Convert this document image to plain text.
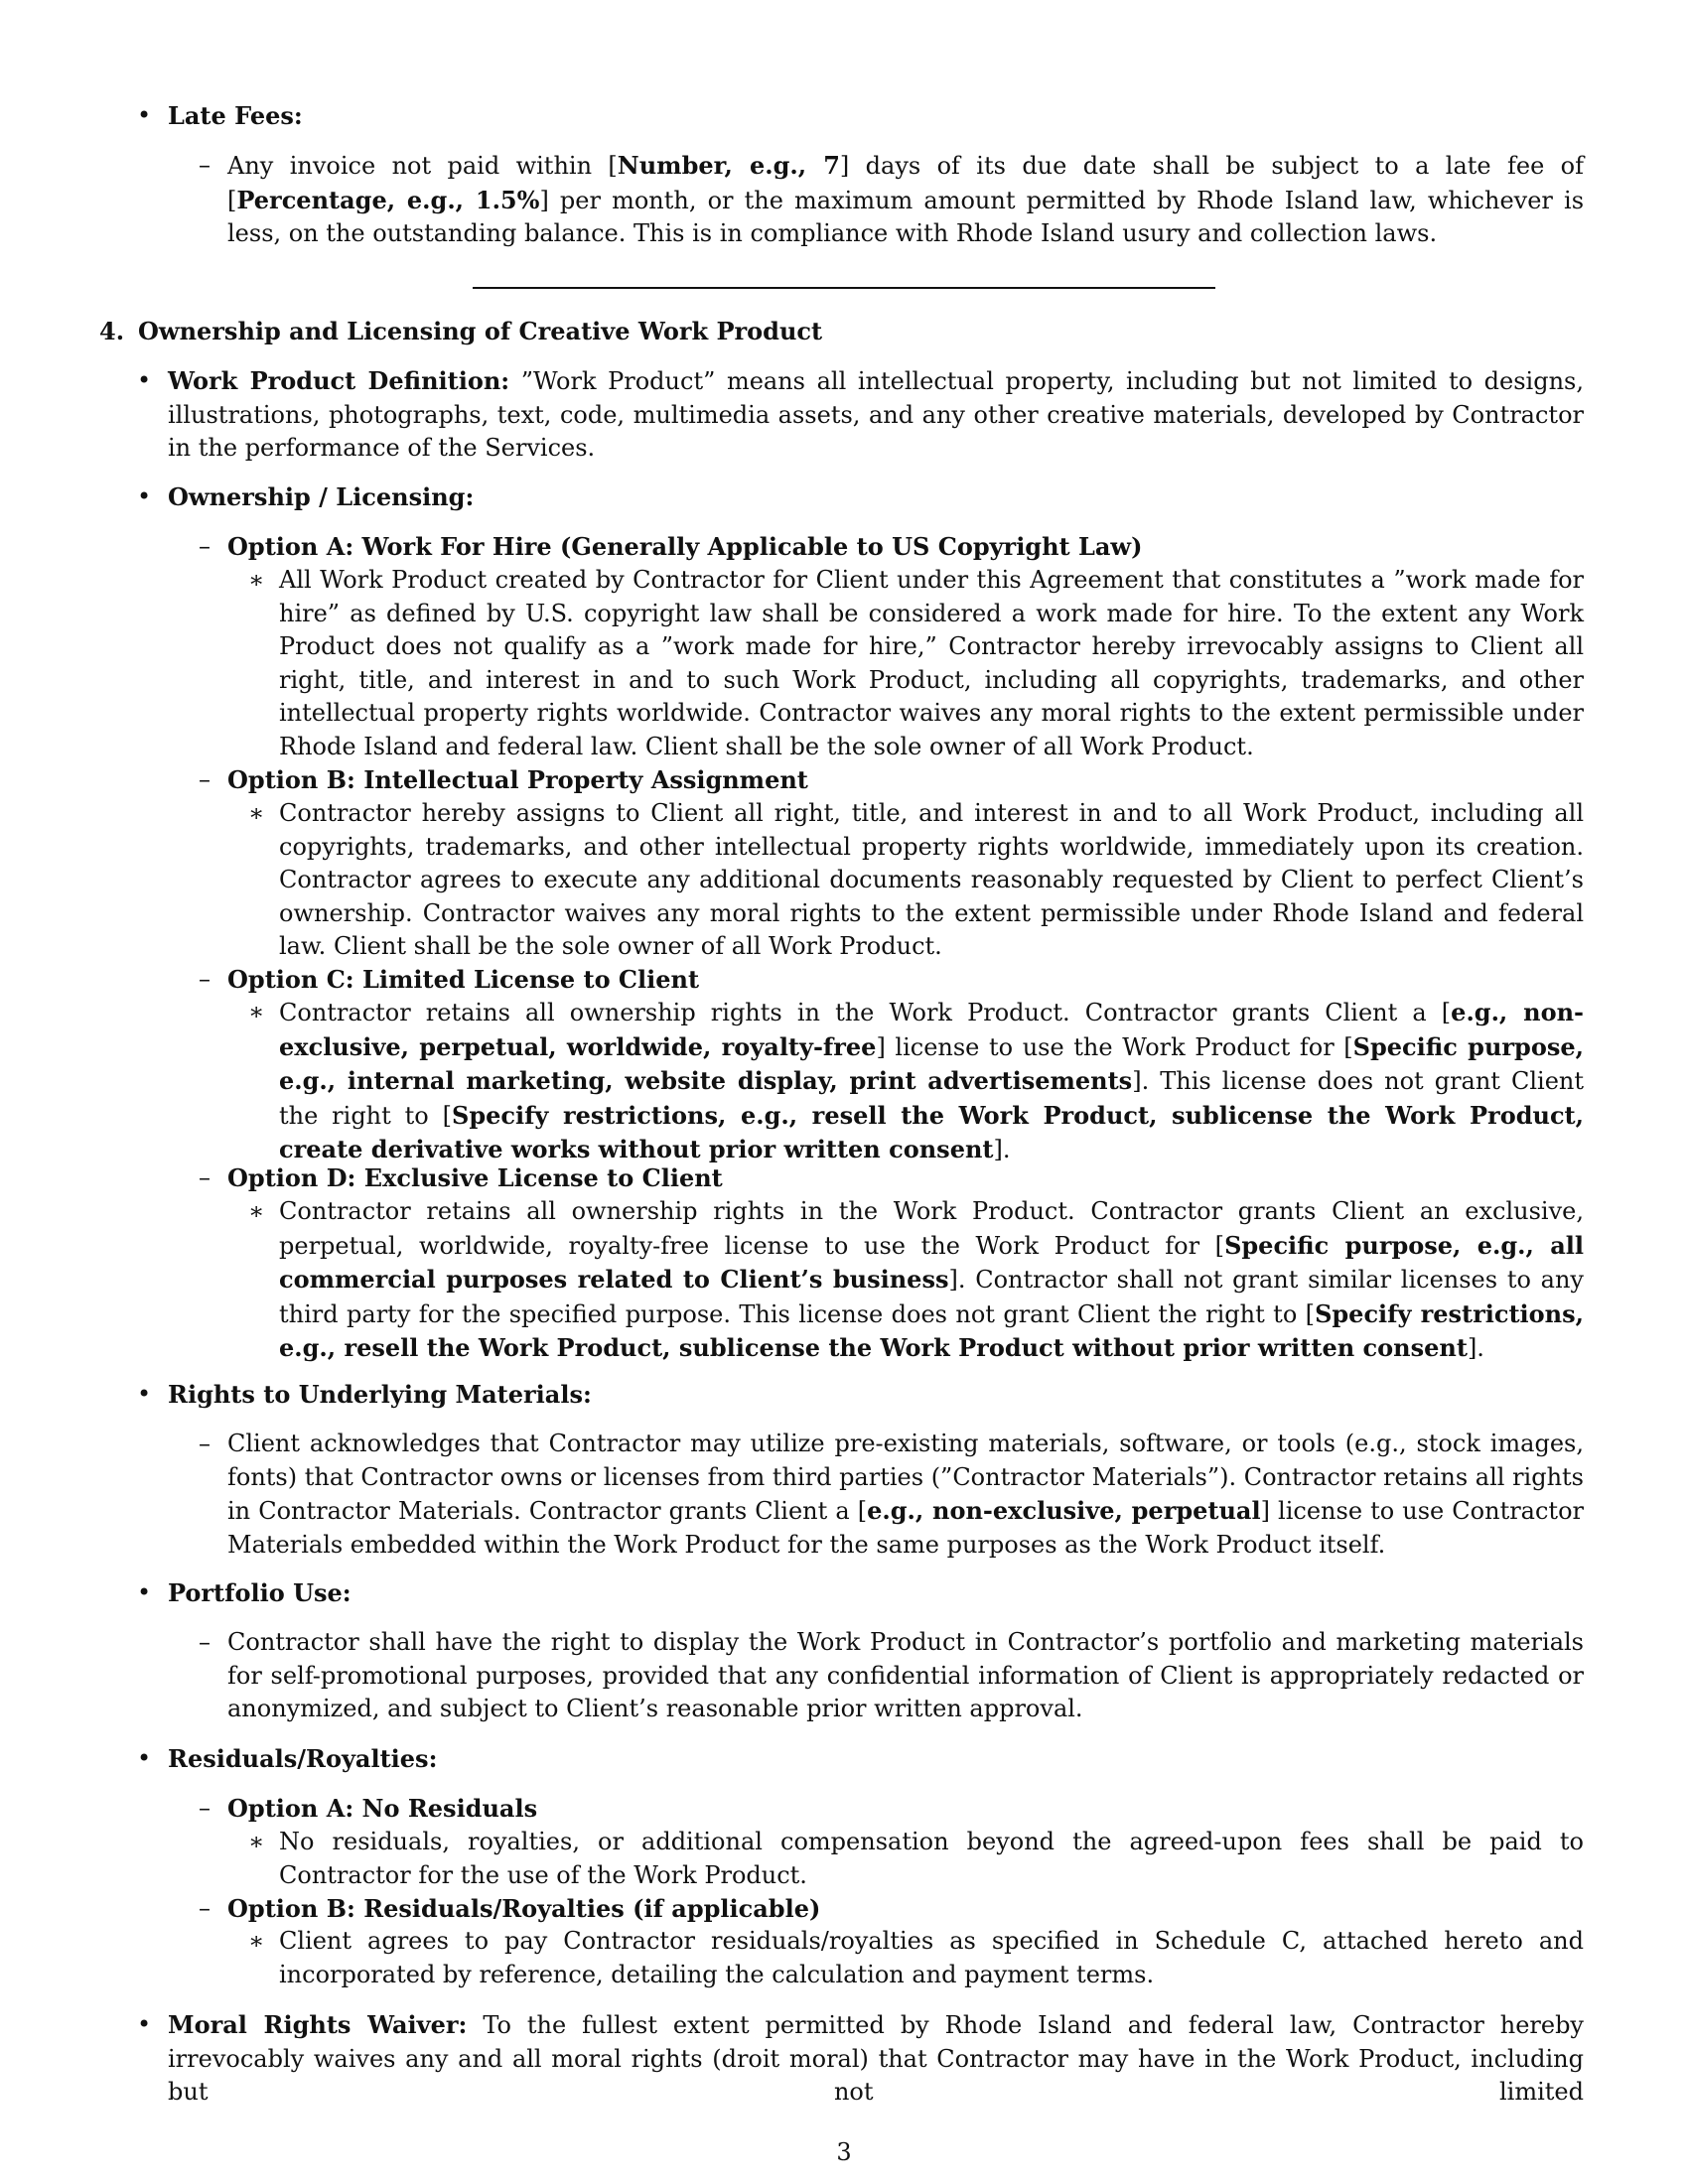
• Late Fees:
– Any invoice not paid within [Number, e.g., 7] days of its due date shall be subject to a late fee of [Percentage, e.g., 1.5%] per month, or the maximum amount permitted by Rhode Island law, whichever is less, on the outstanding balance. This is in compliance with Rhode Island usury and collection laws.

4. Ownership and Licensing of Creative Work Product
• Work Product Definition: ”Work Product” means all intellectual property, including but not limited to designs, illustrations, photographs, text, code, multimedia assets, and any other creative materials, developed by Contractor in the performance of the Services.

• Ownership / Licensing:
– Option A: Work For Hire (Generally Applicable to US Copyright Law)
∗ All Work Product created by Contractor for Client under this Agreement that constitutes a ”work made for hire” as defined by U.S. copyright law shall be considered a work made for hire. To the extent any Work Product does not qualify as a ”work made for hire,” Contractor hereby irrevocably assigns to Client all right, title, and interest in and to such Work Product, including all copyrights, trademarks, and other intellectual property rights worldwide. Contractor waives any moral rights to the extent permissible under Rhode Island and federal law. Client shall be the sole owner of all Work Product.

– Option B: Intellectual Property Assignment
∗ Contractor hereby assigns to Client all right, title, and interest in and to all Work Product, including all copyrights, trademarks, and other intellectual property rights worldwide, immediately upon its creation. Contractor agrees to execute any additional documents reasonably requested by Client to perfect Client’s ownership. Contractor waives any moral rights to the extent permissible under Rhode Island and federal law. Client shall be the sole owner of all Work Product.

– Option C: Limited License to Client
∗ Contractor retains all ownership rights in the Work Product. Contractor grants Client a [e.g., non-exclusive, perpetual, worldwide, royalty-free] license to use the Work Product for [Specific purpose, e.g., internal marketing, website display, print advertisements]. This license does not grant Client the right to [Specify restrictions, e.g., resell the Work Product, sublicense the Work Product, create derivative works without prior written consent].

– Option D: Exclusive License to Client
∗ Contractor retains all ownership rights in the Work Product. Contractor grants Client an exclusive, perpetual, worldwide, royalty-free license to use the Work Product for [Specific purpose, e.g., all commercial purposes related to Client’s business]. Contractor shall not grant similar licenses to any third party for the specified purpose. This license does not grant Client the right to [Specify restrictions, e.g., resell the Work Product, sublicense the Work Product without prior written consent].

• Rights to Underlying Materials:
– Client acknowledges that Contractor may utilize pre-existing materials, software, or tools (e.g., stock images, fonts) that Contractor owns or licenses from third parties (”Contractor Materials”). Contractor retains all rights in Contractor Materials. Contractor grants Client a [e.g., non-exclusive, perpetual] license to use Contractor Materials embedded within the Work Product for the same purposes as the Work Product itself.

• Portfolio Use:
– Contractor shall have the right to display the Work Product in Contractor’s portfolio and marketing materials for self-promotional purposes, provided that any confidential information of Client is appropriately redacted or anonymized, and subject to Client’s reasonable prior written approval.

• Residuals/Royalties:
– Option A: No Residuals
∗ No residuals, royalties, or additional compensation beyond the agreed-upon fees shall be paid to Contractor for the use of the Work Product.

– Option B: Residuals/Royalties (if applicable)
∗ Client agrees to pay Contractor residuals/royalties as specified in Schedule C, attached hereto and incorporated by reference, detailing the calculation and payment terms.

• Moral Rights Waiver: To the fullest extent permitted by Rhode Island and federal law, Contractor hereby irrevocably waives any and all moral rights (droit moral) that Contractor may have in the Work Product, including but not limited

3
